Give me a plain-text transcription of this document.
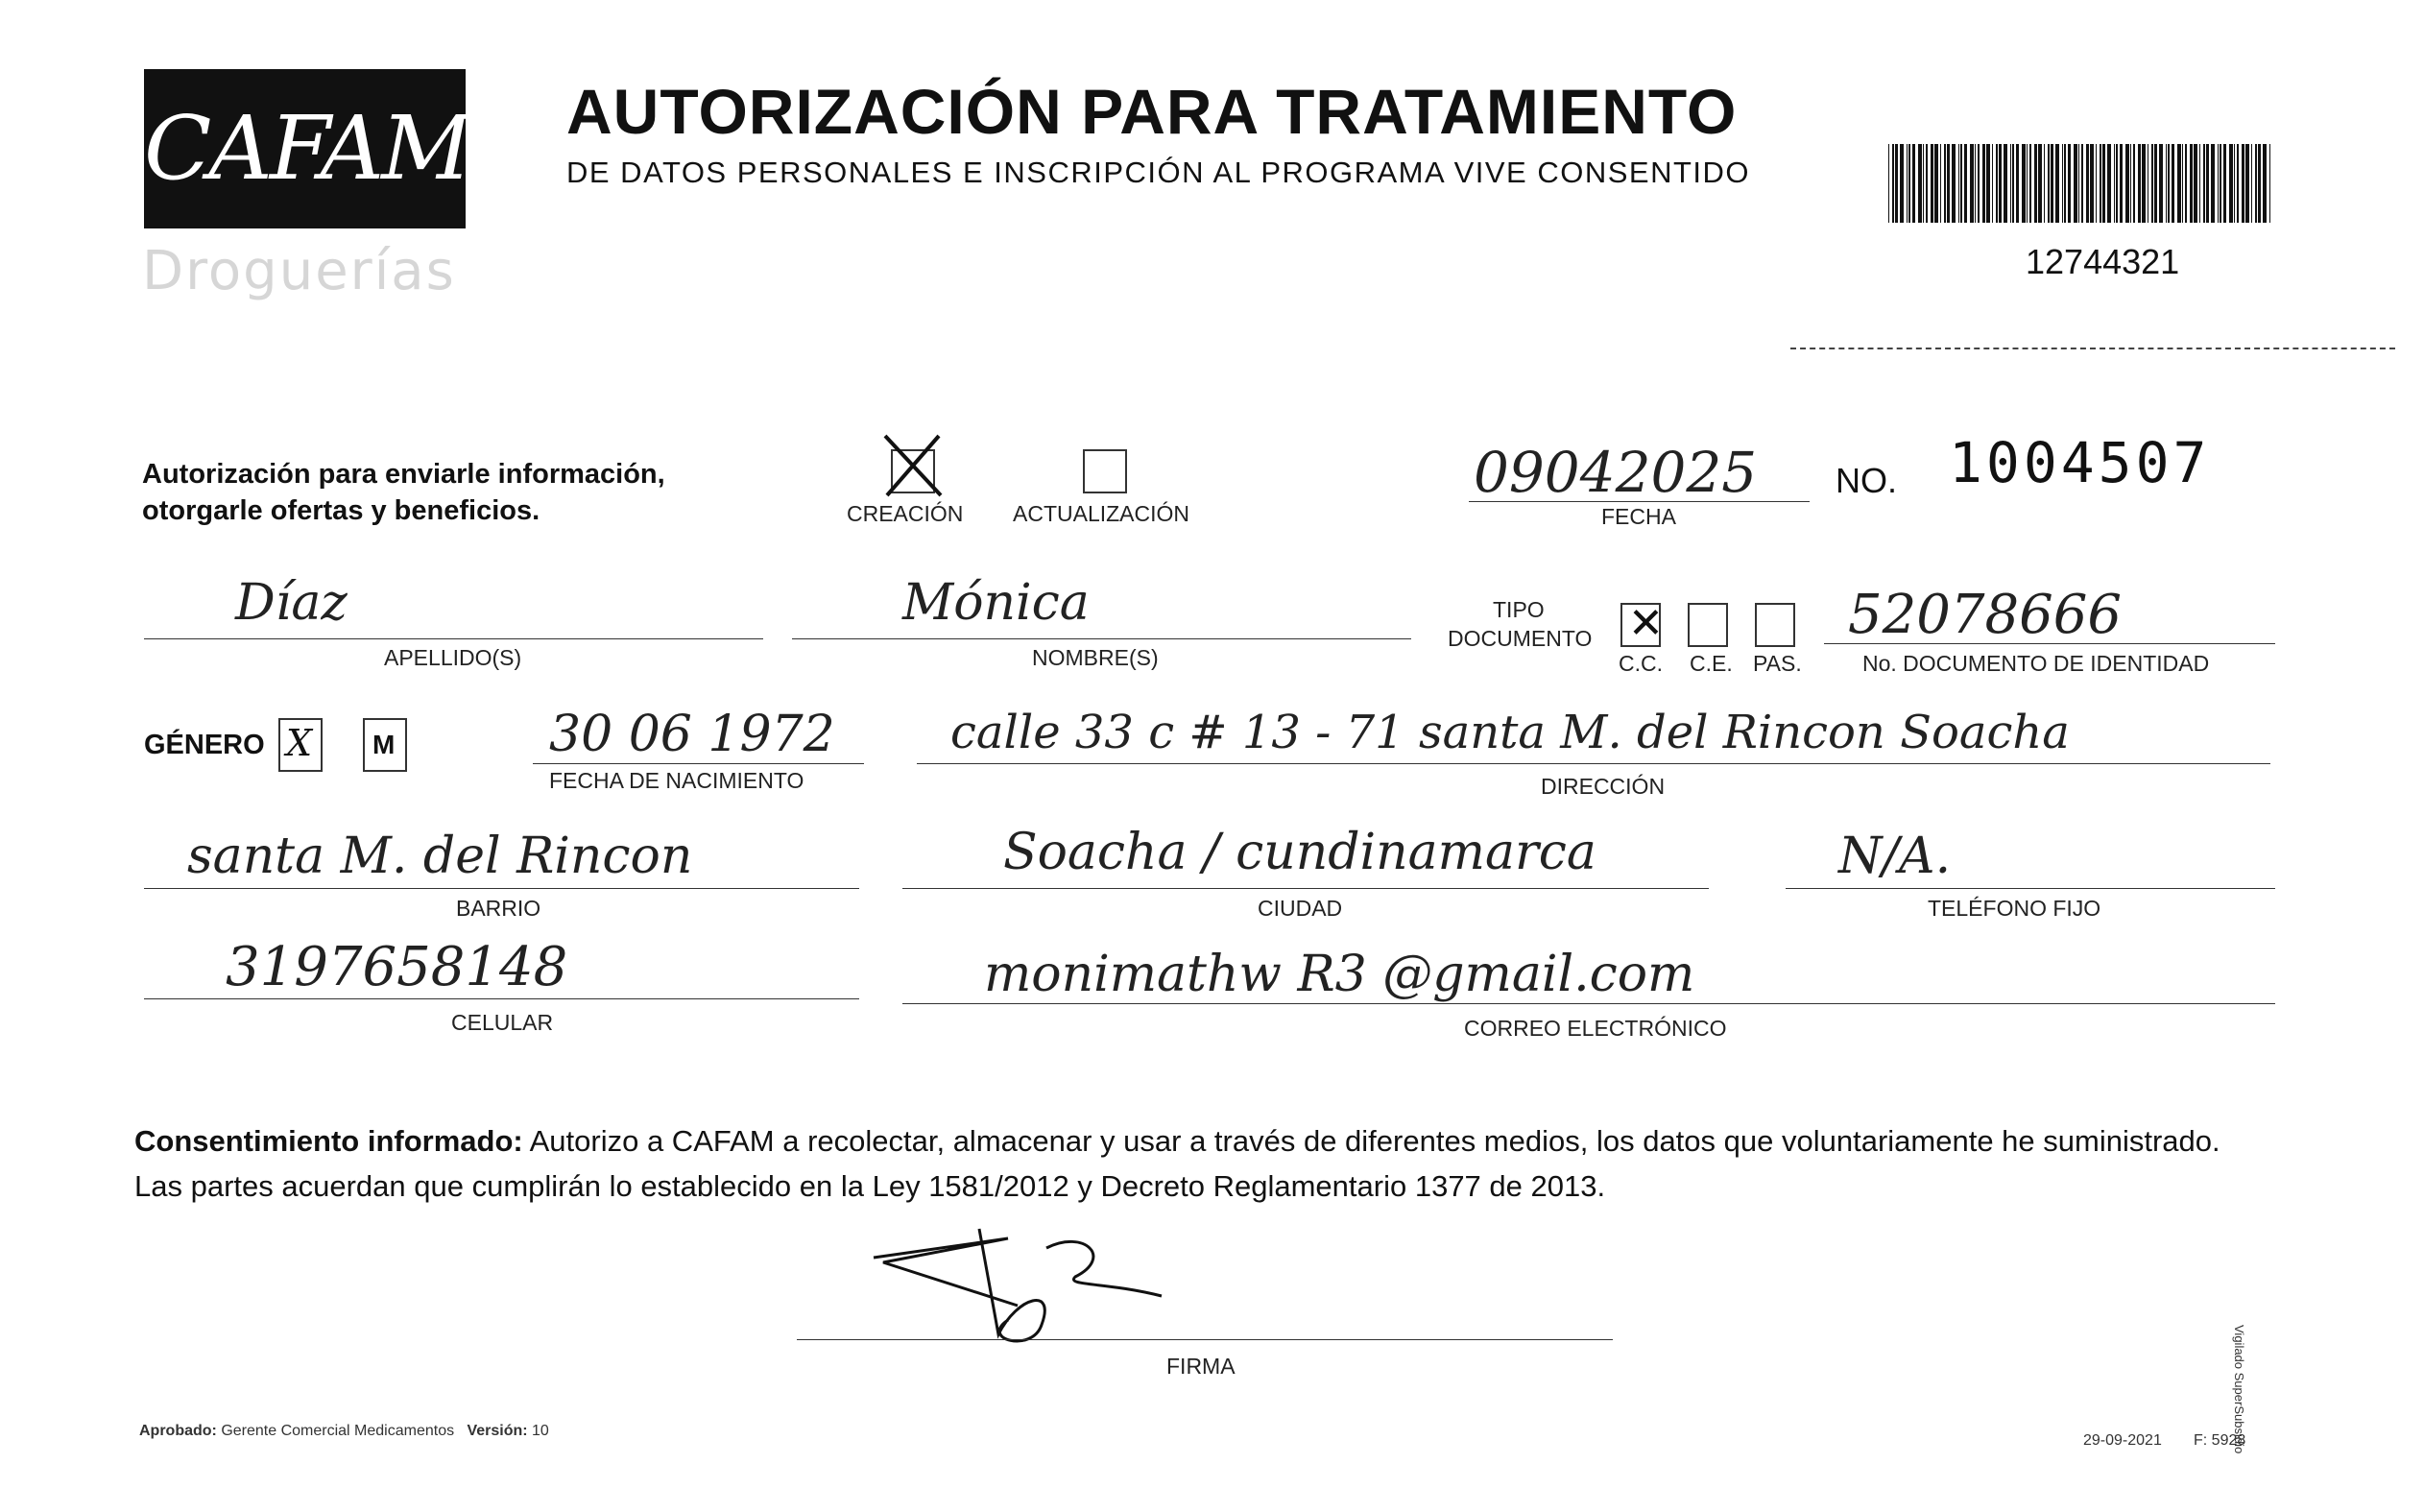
CAFAM
Droguerías
AUTORIZACIÓN PARA TRATAMIENTO
DE DATOS PERSONALES E INSCRIPCIÓN AL PROGRAMA VIVE CONSENTIDO
12744321
Autorización para enviarle información,
otorgarle ofertas y beneficios.	CREACIÓN ACTUALIZACIÓN
09042025
FECHA
NO. 1004507
Díaz
APELLIDO(S)
Mónica
NOMBRE(S)
TIPO
DOCUMENTO ✕
C.C. C.E. PAS.
52078666
No. DOCUMENTO DE IDENTIDAD
GÉNERO X M	30 06 1972
FECHA DE NACIMIENTO
calle 33 c # 13 - 71 santa M. del Rincon Soacha
DIRECCIÓN
santa M. del Rincon
BARRIO
Soacha / cundinamarca
CIUDAD
N/A.
TELÉFONO FIJO
3197658148
CELULAR
monimathw R3 @gmail.com
CORREO ELECTRÓNICO
Consentimiento informado: Autorizo a CAFAM a recolectar, almacenar y usar a través de diferentes medios, los datos que voluntariamente he suministrado.
Las partes acuerdan que cumplirán lo establecido en la Ley 1581/2012 y Decreto Reglamentario 1377 de 2013.
FIRMA
Aprobado: Gerente Comercial Medicamentos Versión: 10
29-09-2021 F: 5928
Vigilado SuperSubsidio
